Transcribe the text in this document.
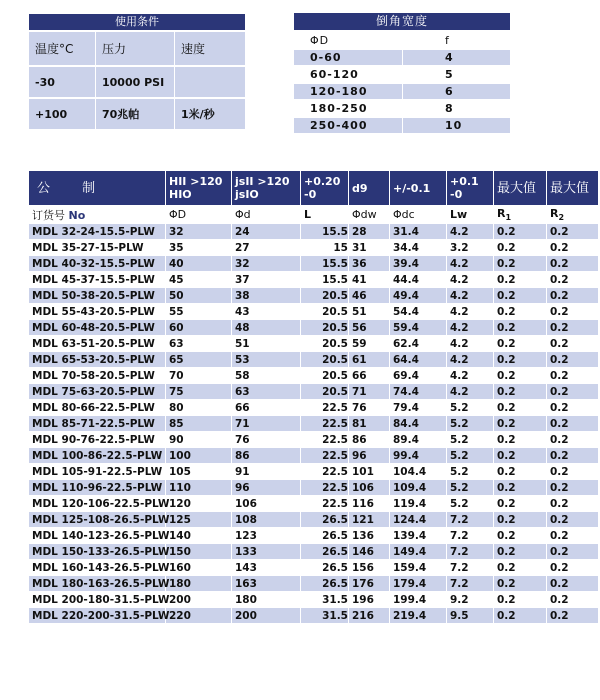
使用条件
温度°C	压力	速度
-30	10000 PSI	
+100	70兆帕	1米/秒
倒角宽度
ΦD	f
0-60	4
60-120	5
120-180	6
180-250	8
250-400	10
公 制	HII >120 HIO	jsII >120 jsIO	+0.20 -0	d9	+/-0.1	+0.1 -0	最大值	最大值
订货号 No	ΦD	Φd	L	Φdw	Φdc	Lw	$R_1$	$R_2$
MDL 32-24-15.5-PLW	32	24	15.5	28	31.4	4.2	0.2	0.2
MDL 35-27-15-PLW	35	27	15	31	34.4	3.2	0.2	0.2
MDL 40-32-15.5-PLW	40	32	15.5	36	39.4	4.2	0.2	0.2
MDL 45-37-15.5-PLW	45	37	15.5	41	44.4	4.2	0.2	0.2
MDL 50-38-20.5-PLW	50	38	20.5	46	49.4	4.2	0.2	0.2
MDL 55-43-20.5-PLW	55	43	20.5	51	54.4	4.2	0.2	0.2
MDL 60-48-20.5-PLW	60	48	20.5	56	59.4	4.2	0.2	0.2
MDL 63-51-20.5-PLW	63	51	20.5	59	62.4	4.2	0.2	0.2
MDL 65-53-20.5-PLW	65	53	20.5	61	64.4	4.2	0.2	0.2
MDL 70-58-20.5-PLW	70	58	20.5	66	69.4	4.2	0.2	0.2
MDL 75-63-20.5-PLW	75	63	20.5	71	74.4	4.2	0.2	0.2
MDL 80-66-22.5-PLW	80	66	22.5	76	79.4	5.2	0.2	0.2
MDL 85-71-22.5-PLW	85	71	22.5	81	84.4	5.2	0.2	0.2
MDL 90-76-22.5-PLW	90	76	22.5	86	89.4	5.2	0.2	0.2
MDL 100-86-22.5-PLW	100	86	22.5	96	99.4	5.2	0.2	0.2
MDL 105-91-22.5-PLW	105	91	22.5	101	104.4	5.2	0.2	0.2
MDL 110-96-22.5-PLW	110	96	22.5	106	109.4	5.2	0.2	0.2
MDL 120-106-22.5-PLW	120	106	22.5	116	119.4	5.2	0.2	0.2
MDL 125-108-26.5-PLW	125	108	26.5	121	124.4	7.2	0.2	0.2
MDL 140-123-26.5-PLW	140	123	26.5	136	139.4	7.2	0.2	0.2
MDL 150-133-26.5-PLW	150	133	26.5	146	149.4	7.2	0.2	0.2
MDL 160-143-26.5-PLW	160	143	26.5	156	159.4	7.2	0.2	0.2
MDL 180-163-26.5-PLW	180	163	26.5	176	179.4	7.2	0.2	0.2
MDL 200-180-31.5-PLW	200	180	31.5	196	199.4	9.2	0.2	0.2
MDL 220-200-31.5-PLW	220	200	31.5	216	219.4	9.5	0.2	0.2
